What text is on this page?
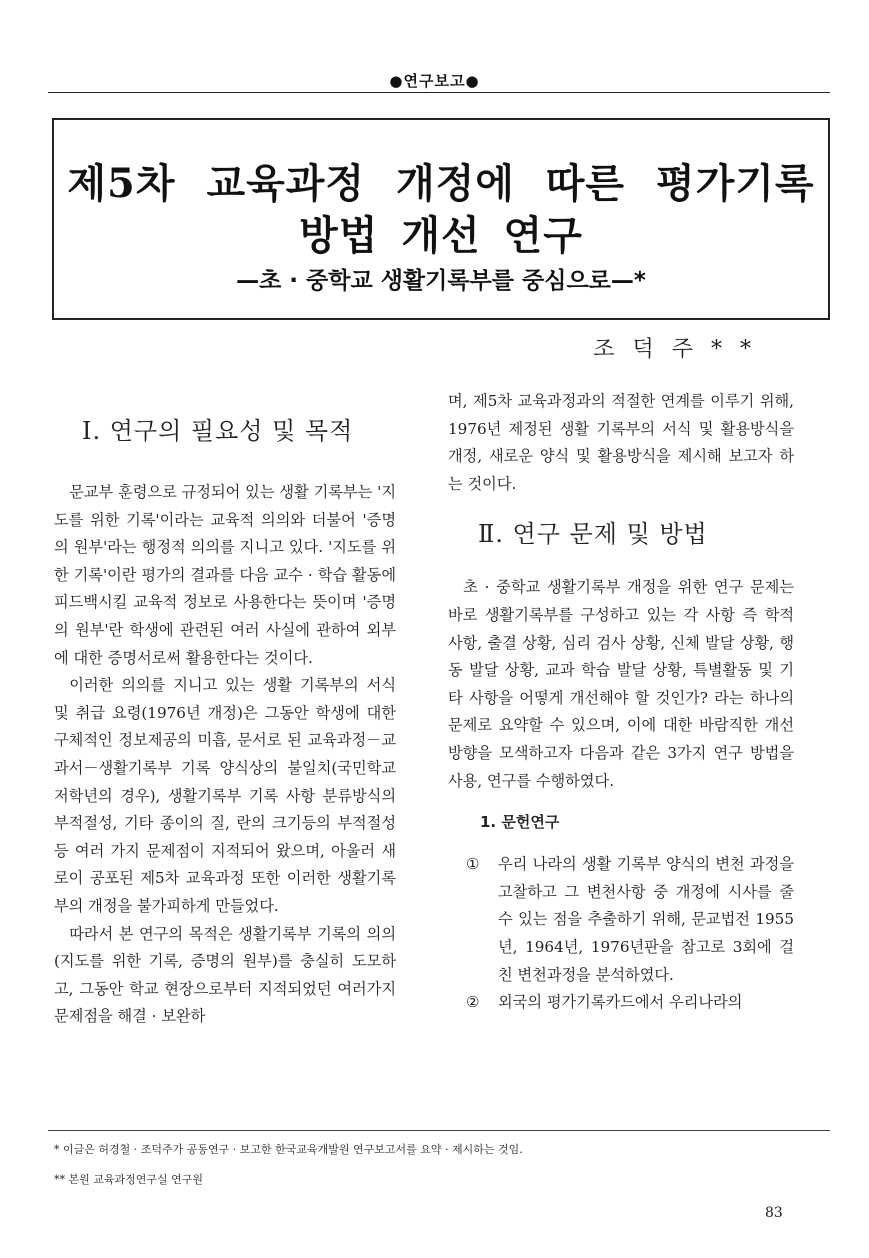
●연구보고●
제5차 교육과정 개정에 따른 평가기록
방법 개선 연구
—초 · 중학교 생활기록부를 중심으로—*
조덕주**
Ⅰ. 연구의 필요성 및 목적

문교부 훈령으로 규정되어 있는 생활 기록부는 '지도를 위한 기록'이라는 교육적 의의와 더불어 '증명의 원부'라는 행정적 의의를 지니고 있다. '지도를 위한 기록'이란 평가의 결과를 다음 교수 · 학습 활동에 피드백시킬 교육적 정보로 사용한다는 뜻이며 '증명의 원부'란 학생에 관련된 여러 사실에 관하여 외부에 대한 증명서로써 활용한다는 것이다.

이러한 의의를 지니고 있는 생활 기록부의 서식 및 취급 요령(1976년 개정)은 그동안 학생에 대한 구체적인 정보제공의 미흡, 문서로 된 교육과정－교과서－생활기록부 기록 양식상의 불일치(국민학교 저학년의 경우), 생활기록부 기록 사항 분류방식의 부적절성, 기타 종이의 질, 란의 크기등의 부적절성등 여러 가지 문제점이 지적되어 왔으며, 아울러 새로이 공포된 제5차 교육과정 또한 이러한 생활기록부의 개정을 불가피하게 만들었다.

따라서 본 연구의 목적은 생활기록부 기록의 의의(지도를 위한 기록, 증명의 원부)를 충실히 도모하고, 그동안 학교 현장으로부터 지적되었던 여러가지 문제점을 해결 · 보완하

며, 제5차 교육과정과의 적절한 연계를 이루기 위해, 1976년 제정된 생활 기록부의 서식 및 활용방식을 개정, 새로운 양식 및 활용방식을 제시해 보고자 하는 것이다.

Ⅱ. 연구 문제 및 방법

초 · 중학교 생활기록부 개정을 위한 연구 문제는 바로 생활기록부를 구성하고 있는 각 사항 즉 학적 사항, 출결 상황, 심리 검사 상황, 신체 발달 상황, 행동 발달 상황, 교과 학습 발달 상황, 특별활동 및 기타 사항을 어떻게 개선해야 할 것인가? 라는 하나의 문제로 요약할 수 있으며, 이에 대한 바람직한 개선 방향을 모색하고자 다음과 같은 3가지 연구 방법을 사용, 연구를 수행하였다.

1. 문헌연구
① 우리 나라의 생활 기록부 양식의 변천 과정을 고찰하고 그 변천사항 중 개정에 시사를 줄 수 있는 점을 추출하기 위해, 문교법전 1955년, 1964년, 1976년판을 참고로 3회에 걸친 변천과정을 분석하였다.
② 외국의 평가기록카드에서 우리나라의
* 이글은 허경철 · 조덕주가 공동연구 · 보고한 한국교육개발원 연구보고서를 요약 · 제시하는 것임.
** 본원 교육과정연구실 연구원
83
